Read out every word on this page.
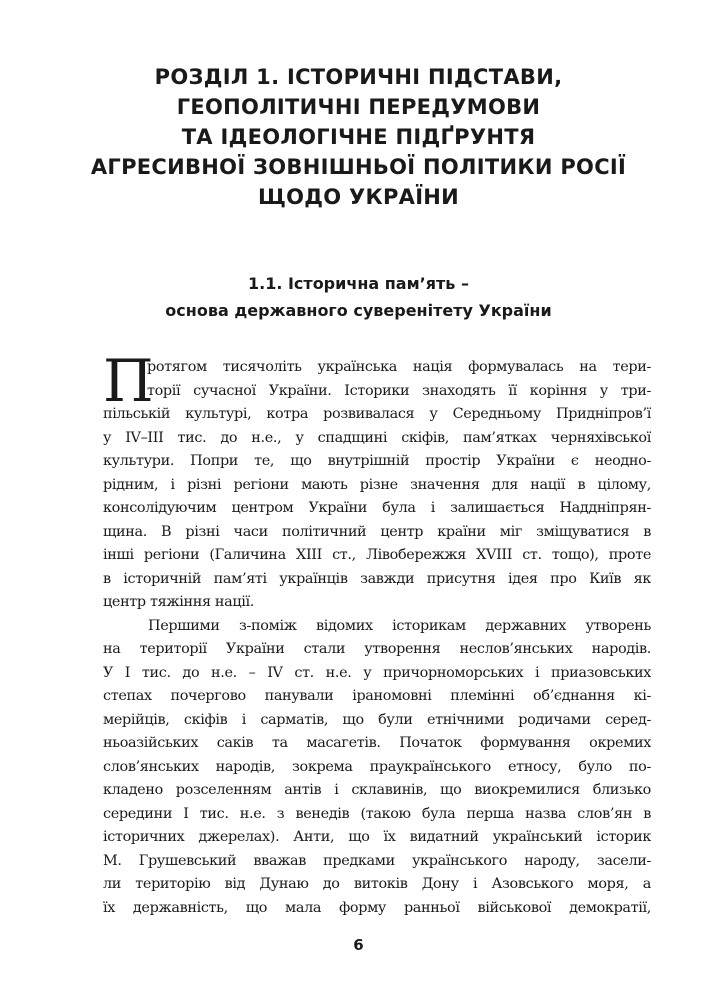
РОЗДІЛ 1. ІСТОРИЧНІ ПІДСТАВИ,
ГЕОПОЛІТИЧНІ ПЕРЕДУМОВИ
ТА ІДЕОЛОГІЧНЕ ПІДҐРУНТЯ
АГРЕСИВНОЇ ЗОВНІШНЬОЇ ПОЛІТИКИ РОСІЇ
ЩОДО УКРАЇНИ
1.1. Історична пам’ять –
основа державного суверенітету України
П
ротягом тисячоліть українська нація формувалась на тери-
торії сучасної України. Історики знаходять її коріння у три-
пільській культурі, котра розвивалася у Середньому Придніпров’ї
у IV–III тис. до н.е., у спадщині скіфів, пам’ятках черняхівської
культури. Попри те, що внутрішній простір України є неодно-
рідним, і різні регіони мають різне значення для нації в цілому,
консолідуючим центром України була і залишається Наддніпрян-
щина. В різні часи політичний центр країни міг зміщуватися в
інші регіони (Галичина XIII ст., Лівобережжя XVIII ст. тощо), проте
в історичній пам’яті українців завжди присутня ідея про Київ як
центр тяжіння нації.
Першими з-поміж відомих історикам державних утворень
на території України стали утворення неслов’янських народів.
У І тис. до н.е. – IV ст. н.е. у причорноморських і приазовських
степах почергово панували іраномовні племінні об’єднання кі-
мерійців, скіфів і сарматів, що були етнічними родичами серед-
ньоазійських саків та масагетів. Початок формування окремих
слов’янських народів, зокрема праукраїнського етносу, було по-
кладено розселенням антів і склавинів, що виокремилися близько
середини І тис. н.е. з венедів (такою була перша назва слов’ян в
історичних джерелах). Анти, що їх видатний український історик
М. Грушевський вважав предками українського народу, засели-
ли територію від Дунаю до витоків Дону і Азовського моря, а
їх державність, що мала форму ранньої військової демократії,
6
